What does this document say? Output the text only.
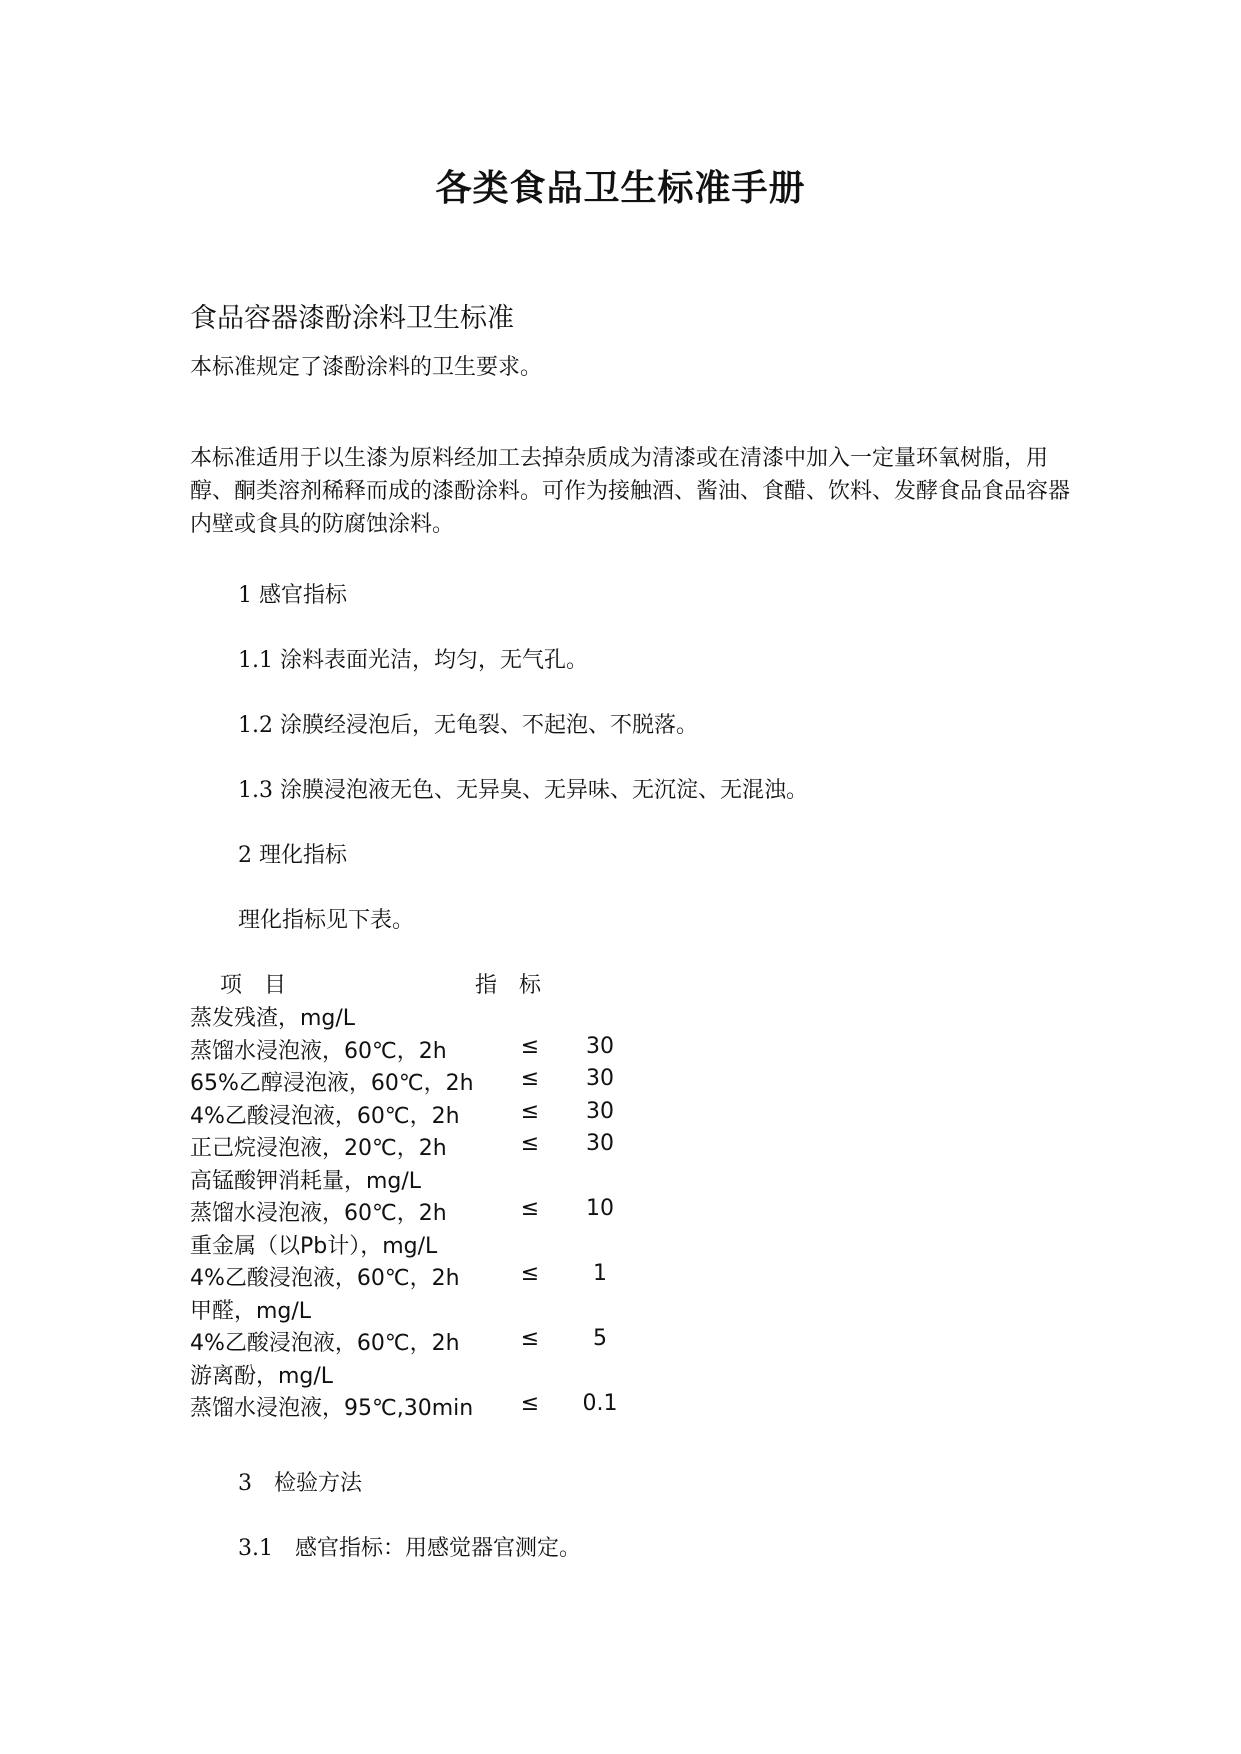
各类食品卫生标准手册
食品容器漆酚涂料卫生标准
本标准规定了漆酚涂料的卫生要求。
本标准适用于以生漆为原料经加工去掉杂质成为清漆或在清漆中加入一定量环氧树脂，用醇、酮类溶剂稀释而成的漆酚涂料。可作为接触酒、酱油、食醋、饮料、发酵食品食品容器内壁或食具的防腐蚀涂料。
1 感官指标
1.1 涂料表面光洁，均匀，无气孔。
1.2 涂膜经浸泡后，无龟裂、不起泡、不脱落。
1.3 涂膜浸泡液无色、无异臭、无异味、无沉淀、无混浊。
2 理化指标
理化指标见下表。
项　目	指　标
蒸发残渣，mg/L
蒸馏水浸泡液，60℃，2h	≤	30
65%乙醇浸泡液，60℃，2h	≤	30
4%乙酸浸泡液，60℃，2h	≤	30
正己烷浸泡液，20℃，2h	≤	30
高锰酸钾消耗量，mg/L
蒸馏水浸泡液，60℃，2h	≤	10
重金属（以Pb计），mg/L
4%乙酸浸泡液，60℃，2h	≤	1
甲醛，mg/L
4%乙酸浸泡液，60℃，2h	≤	5
游离酚，mg/L
蒸馏水浸泡液，95℃,30min	≤	0.1
3　检验方法
3.1　感官指标：用感觉器官测定。
